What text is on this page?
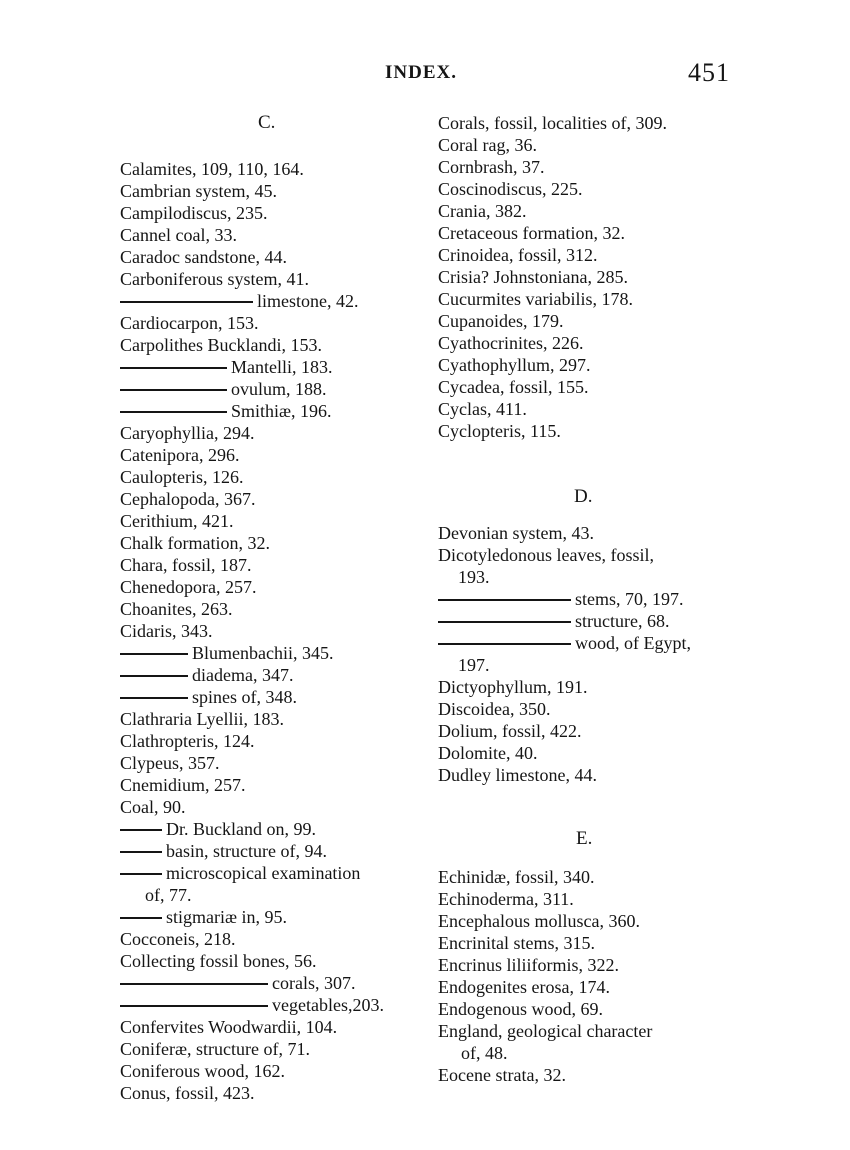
INDEX.	451
C.
Calamites, 109, 110, 164.
Cambrian system, 45.
Campilodiscus, 235.
Cannel coal, 33.
Caradoc sandstone, 44.
Carboniferous system, 41.
limestone, 42.
Cardiocarpon, 153.
Carpolithes Bucklandi, 153.
Mantelli, 183.
ovulum, 188.
Smithiæ, 196.
Caryophyllia, 294.
Catenipora, 296.
Caulopteris, 126.
Cephalopoda, 367.
Cerithium, 421.
Chalk formation, 32.
Chara, fossil, 187.
Chenedopora, 257.
Choanites, 263.
Cidaris, 343.
Blumenbachii, 345.
diadema, 347.
spines of, 348.
Clathraria Lyellii, 183.
Clathropteris, 124.
Clypeus, 357.
Cnemidium, 257.
Coal, 90.
Dr. Buckland on, 99.
basin, structure of, 94.
microscopical examination
of, 77.
stigmariæ in, 95.
Cocconeis, 218.
Collecting fossil bones, 56.
corals, 307.
vegetables,203.
Confervites Woodwardii, 104.
Coniferæ, structure of, 71.
Coniferous wood, 162.
Conus, fossil, 423.
Corals, fossil, localities of, 309.
Coral rag, 36.
Cornbrash, 37.
Coscinodiscus, 225.
Crania, 382.
Cretaceous formation, 32.
Crinoidea, fossil, 312.
Crisia? Johnstoniana, 285.
Cucurmites variabilis, 178.
Cupanoides, 179.
Cyathocrinites, 226.
Cyathophyllum, 297.
Cycadea, fossil, 155.
Cyclas, 411.
Cyclopteris, 115.
D.
Devonian system, 43.
Dicotyledonous leaves, fossil,
193.
stems, 70, 197.
structure, 68.
wood, of Egypt,
197.
Dictyophyllum, 191.
Discoidea, 350.
Dolium, fossil, 422.
Dolomite, 40.
Dudley limestone, 44.
E.
Echinidæ, fossil, 340.
Echinoderma, 311.
Encephalous mollusca, 360.
Encrinital stems, 315.
Encrinus liliiformis, 322.
Endogenites erosa, 174.
Endogenous wood, 69.
England, geological character
of, 48.
Eocene strata, 32.
